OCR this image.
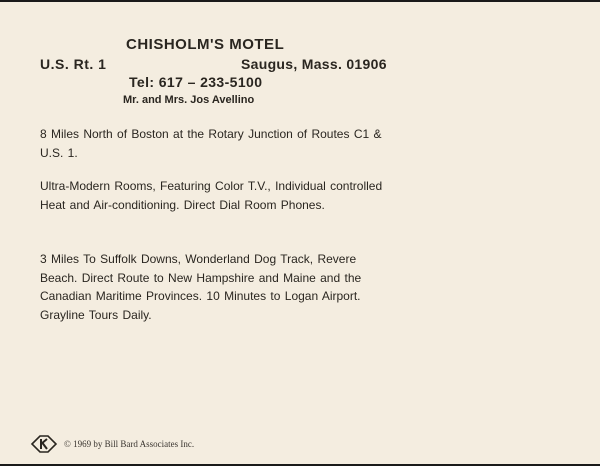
CHISHOLM'S MOTEL
U.S. Rt. 1	Saugus, Mass. 01906
Tel: 617 – 233-5100
Mr. and Mrs. Jos Avellino
8 Miles North of Boston at the Rotary Junction of Routes C1 & U.S. 1.
Ultra-Modern Rooms, Featuring Color T.V., Individual controlled Heat and Air-conditioning. Direct Dial Room Phones.
3 Miles To Suffolk Downs, Wonderland Dog Track, Revere Beach. Direct Route to New Hampshire and Maine and the Canadian Maritime Provinces. 10 Minutes to Logan Airport. Grayline Tours Daily.
© 1969 by Bill Bard Associates Inc.
